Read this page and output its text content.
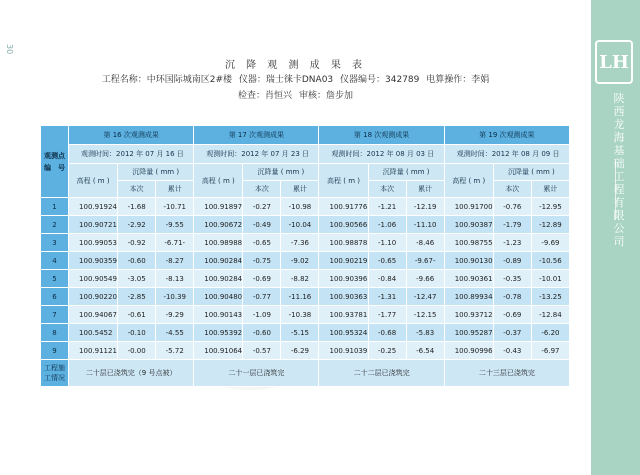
30
沉 降 观 测 成 果 表
工程名称：中环国际城南区2#楼 仪器：瑞士徕卡DNA03 仪器编号：342789 电算操作：李娟
检查：肖恒兴 审核：詹步加
观测点
编　号	第 16 次观测成果			第 17 次观测成果			第 18 次观测成果			第 19 次观测成果		
	观测时间：2012 年 07 月 16 日			观测时间：2012 年 07 月 23 日			观测时间：2012 年 08 月 03 日			观测时间：2012 年 08 月 09 日		
	高程 ( m )	沉降量 ( mm )		高程 ( m )	沉降量 ( mm )		高程 ( m )	沉降量 ( mm )		高程 ( m )	沉降量 ( mm )	
		本次	累计		本次	累计		本次	累计		本次	累计
1	100.91924	-1.68	-10.71	100.91897	-0.27	-10.98	100.91776	-1.21	-12.19	100.91700	-0.76	-12.95
2	100.90721	-2.92	-9.55	100.90672	-0.49	-10.04	100.90566	-1.06	-11.10	100.90387	-1.79	-12.89
3	100.99053	-0.92	-6.71-	100.98988	-0.65	-7.36	100.98878	-1.10	-8.46	100.98755	-1.23	-9.69
4	100.90359	-0.60	-8.27	100.90284	-0.75	-9.02	100.90219	-0.65	-9.67-	100.90130	-0.89	-10.56
5	100.90549	-3.05	-8.13	100.90284	-0.69	-8.82	100.90396	-0.84	-9.66	100.90361	-0.35	-10.01
6	100.90220	-2.85	-10.39	100.90480	-0.77	-11.16	100.90363	-1.31	-12.47	100.89934	-0.78	-13.25
7	100.94067	-0.61	-9.29	100.90143	-1.09	-10.38	100.93781	-1.77	-12.15	100.93712	-0.69	-12.84
8	100.5452	-0.10	-4.55	100.95392	-0.60	-5.15	100.95324	-0.68	-5.83	100.95287	-0.37	-6.20
9	100.91121	-0.00	-5.72	100.91064	-0.57	-6.29	100.91039	-0.25	-6.54	100.90996	-0.43	-6.97
工程施
工情况	二十层已浇筑完（9 号点被）			二十一层已浇筑完			二十二层已浇筑完			二十三层已浇筑完		
LH
陕西龙海基础工程有限公司
